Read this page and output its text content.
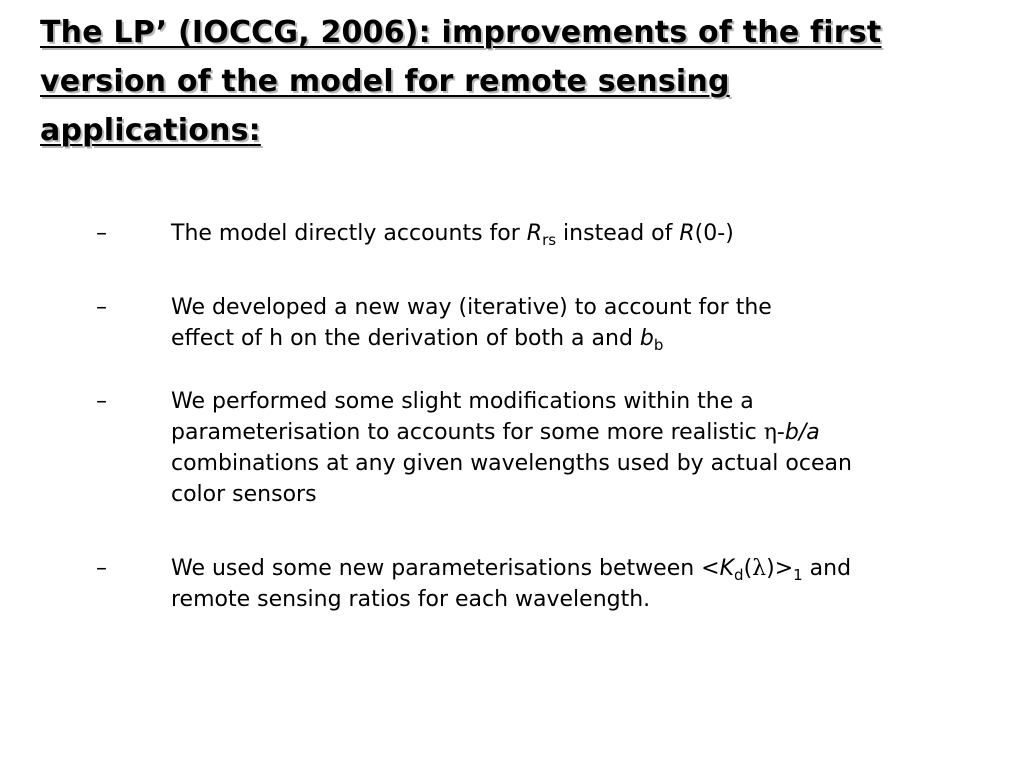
The LP’ (IOCCG, 2006): improvements of the first
version of the model for remote sensing
applications:
–	The model directly accounts for $R_{rs}$ instead of R(0-)
–	We developed a new way (iterative) to account for the
effect of h on the derivation of both a and $b_b$
–	We performed some slight modifications within the a
parameterisation to accounts for some more realistic η-b/a
combinations at any given wavelengths used by actual ocean
color sensors
–	We used some new parameterisations between $<K_d(\lambda)>_1$ and
remote sensing ratios for each wavelength.
